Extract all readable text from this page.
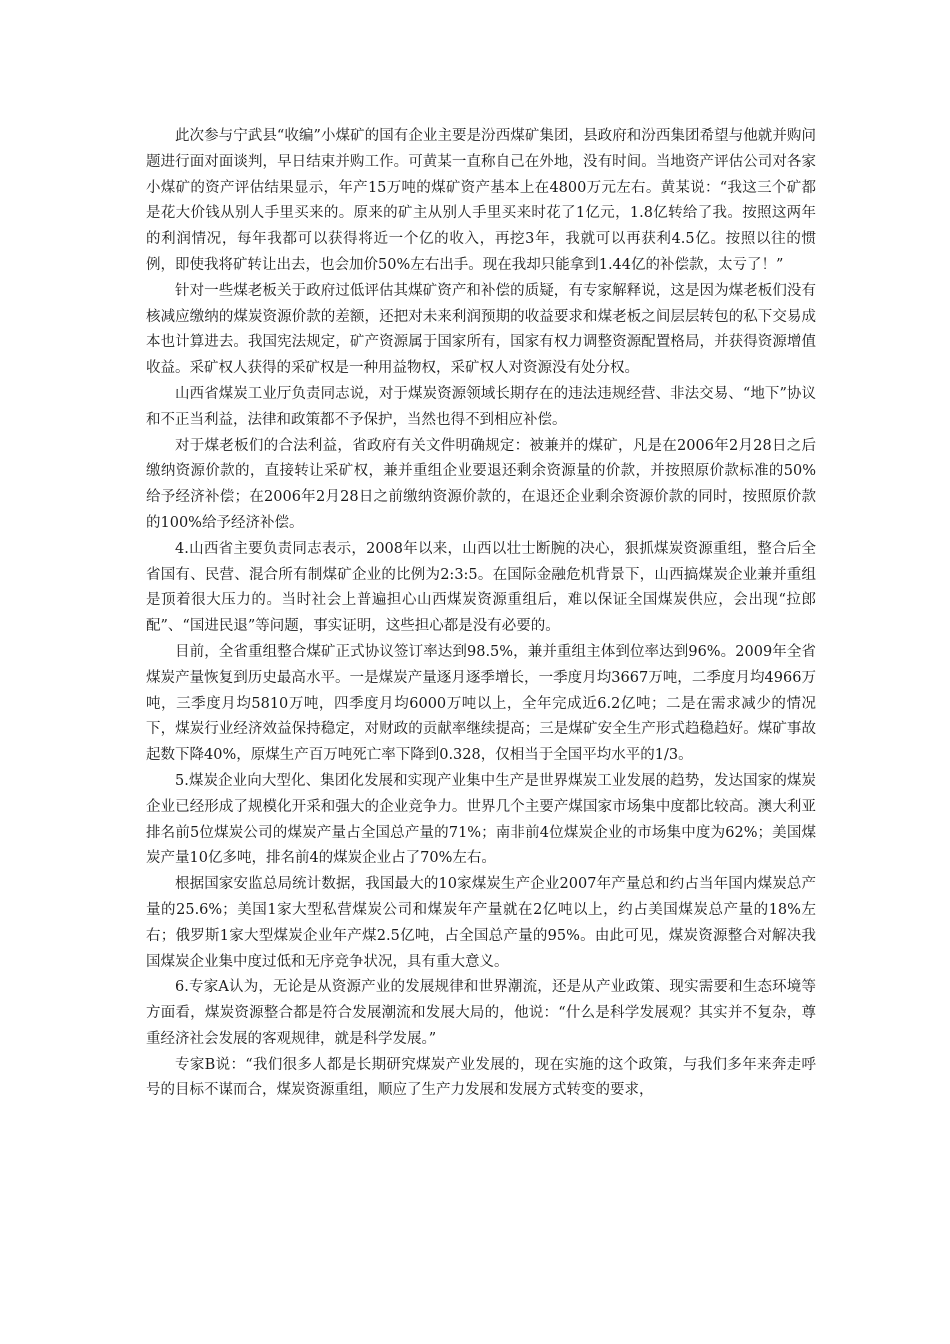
此次参与宁武县“收编”小煤矿的国有企业主要是汾西煤矿集团，县政府和汾西集团希望与他就并购问题进行面对面谈判，早日结束并购工作。可黄某一直称自己在外地，没有时间。当地资产评估公司对各家小煤矿的资产评估结果显示，年产15万吨的煤矿资产基本上在4800万元左右。黄某说：“我这三个矿都是花大价钱从别人手里买来的。原来的矿主从别人手里买来时花了1亿元，1.8亿转给了我。按照这两年的利润情况，每年我都可以获得将近一个亿的收入，再挖3年，我就可以再获利4.5亿。按照以往的惯例，即使我将矿转让出去，也会加价50%左右出手。现在我却只能拿到1.44亿的补偿款，太亏了！”

针对一些煤老板关于政府过低评估其煤矿资产和补偿的质疑，有专家解释说，这是因为煤老板们没有核减应缴纳的煤炭资源价款的差额，还把对未来利润预期的收益要求和煤老板之间层层转包的私下交易成本也计算进去。我国宪法规定，矿产资源属于国家所有，国家有权力调整资源配置格局，并获得资源增值收益。采矿权人获得的采矿权是一种用益物权，采矿权人对资源没有处分权。

山西省煤炭工业厅负责同志说，对于煤炭资源领域长期存在的违法违规经营、非法交易、“地下”协议和不正当利益，法律和政策都不予保护，当然也得不到相应补偿。

对于煤老板们的合法利益，省政府有关文件明确规定：被兼并的煤矿，凡是在2006年2月28日之后缴纳资源价款的，直接转让采矿权，兼并重组企业要退还剩余资源量的价款，并按照原价款标准的50%给予经济补偿；在2006年2月28日之前缴纳资源价款的，在退还企业剩余资源价款的同时，按照原价款的100%给予经济补偿。

4.山西省主要负责同志表示，2008年以来，山西以壮士断腕的决心，狠抓煤炭资源重组，整合后全省国有、民营、混合所有制煤矿企业的比例为2:3:5。在国际金融危机背景下，山西搞煤炭企业兼并重组是顶着很大压力的。当时社会上普遍担心山西煤炭资源重组后，难以保证全国煤炭供应，会出现“拉郎配”、“国进民退”等问题，事实证明，这些担心都是没有必要的。

目前，全省重组整合煤矿正式协议签订率达到98.5%，兼并重组主体到位率达到96%。2009年全省煤炭产量恢复到历史最高水平。一是煤炭产量逐月逐季增长，一季度月均3667万吨，二季度月均4966万吨，三季度月均5810万吨，四季度月均6000万吨以上，全年完成近6.2亿吨；二是在需求减少的情况下，煤炭行业经济效益保持稳定，对财政的贡献率继续提高；三是煤矿安全生产形式趋稳趋好。煤矿事故起数下降40%，原煤生产百万吨死亡率下降到0.328，仅相当于全国平均水平的1/3。

5.煤炭企业向大型化、集团化发展和实现产业集中生产是世界煤炭工业发展的趋势，发达国家的煤炭企业已经形成了规模化开采和强大的企业竞争力。世界几个主要产煤国家市场集中度都比较高。澳大利亚排名前5位煤炭公司的煤炭产量占全国总产量的71%；南非前4位煤炭企业的市场集中度为62%；美国煤炭产量10亿多吨，排名前4的煤炭企业占了70%左右。

根据国家安监总局统计数据，我国最大的10家煤炭生产企业2007年产量总和约占当年国内煤炭总产量的25.6%；美国1家大型私营煤炭公司和煤炭年产量就在2亿吨以上，约占美国煤炭总产量的18%左右；俄罗斯1家大型煤炭企业年产煤2.5亿吨，占全国总产量的95%。由此可见，煤炭资源整合对解决我国煤炭企业集中度过低和无序竞争状况，具有重大意义。

6.专家A认为，无论是从资源产业的发展规律和世界潮流，还是从产业政策、现实需要和生态环境等方面看，煤炭资源整合都是符合发展潮流和发展大局的，他说：“什么是科学发展观？其实并不复杂，尊重经济社会发展的客观规律，就是科学发展。”

专家B说：“我们很多人都是长期研究煤炭产业发展的，现在实施的这个政策，与我们多年来奔走呼号的目标不谋而合，煤炭资源重组，顺应了生产力发展和发展方式转变的要求，
